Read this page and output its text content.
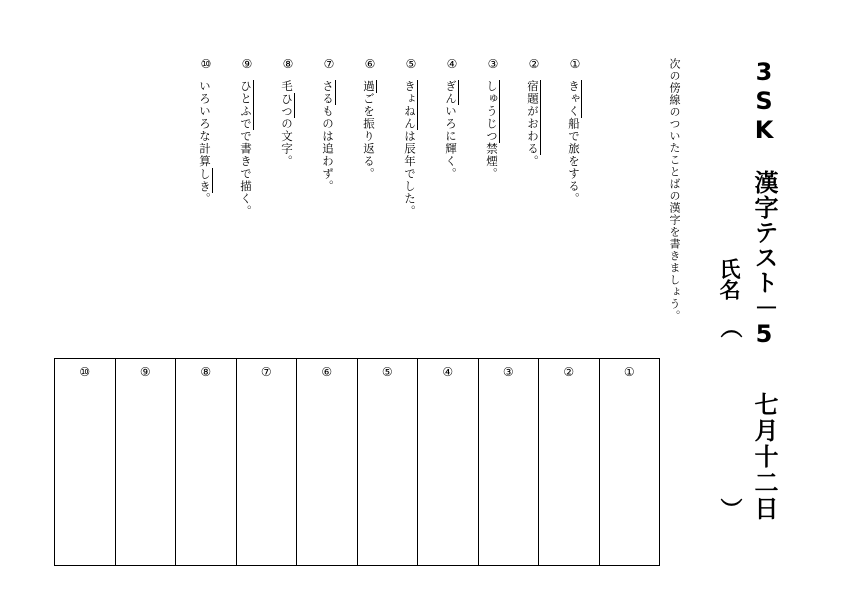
3SK　漢字テスト－5
七月十二日
氏名
（
）
次の傍線のついたことばの漢字を書きましょう。
①
きゃく船で旅をする。
②
宿題がおわる。
③
しゅうじつ禁煙。
④
ぎんいろに輝く。
⑤
きょねんは辰年でした。
⑥
過ごを振り返る。
⑦
さるものは追わず。
⑧
毛ひつの文字。
⑨
ひとふでで書きで描く。
⑩
いろいろな計算しき。
⑩	⑨	⑧	⑦	⑥	⑤	④	③	②	①
